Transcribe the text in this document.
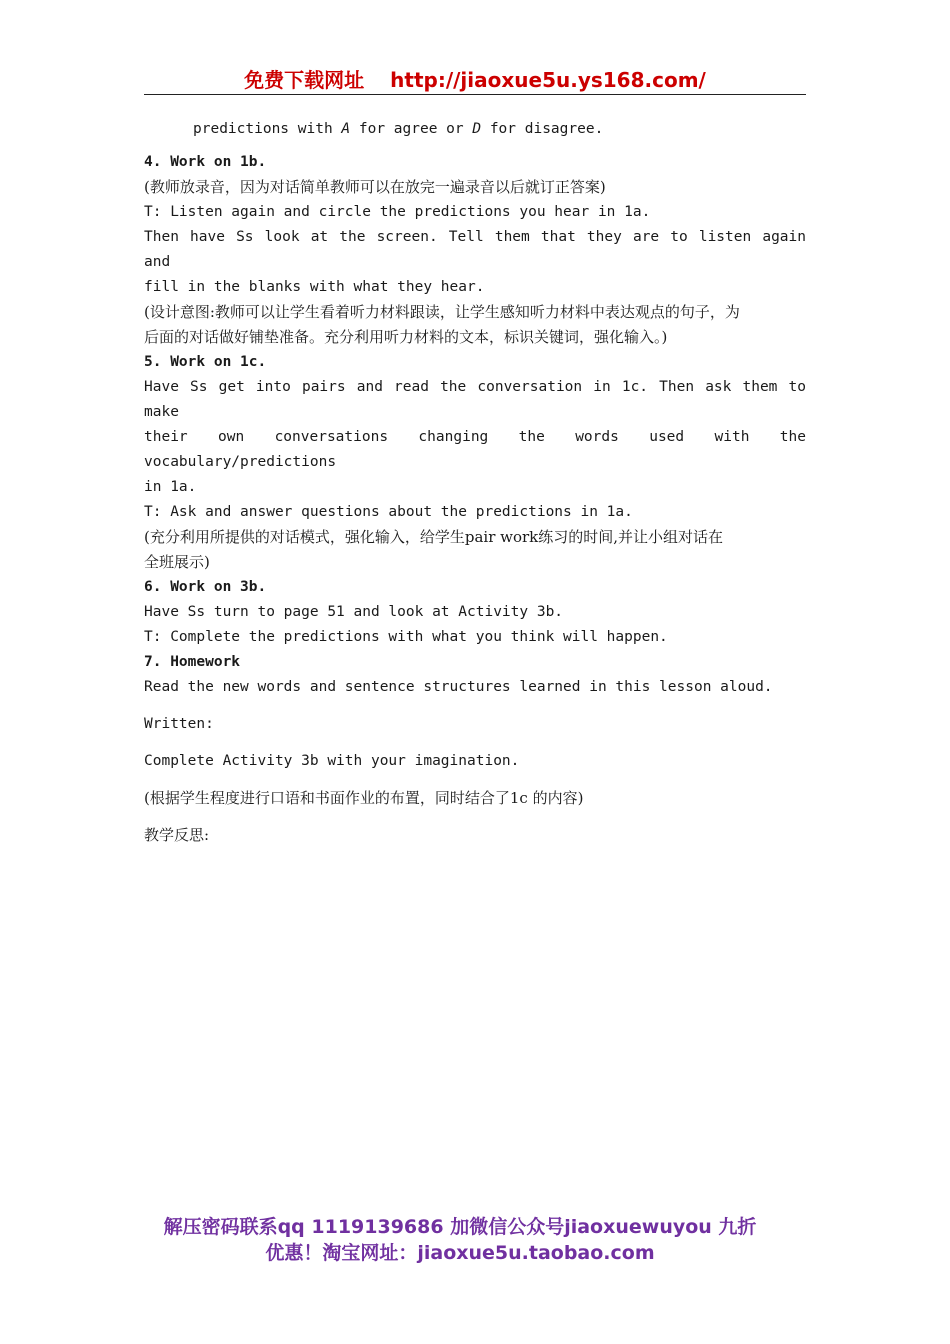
免费下载网址 http://jiaoxue5u.ys168.com/
predictions with A for agree or D for disagree.
4. Work on 1b.
(教师放录音，因为对话简单教师可以在放完一遍录音以后就订正答案)
T: Listen again and circle the predictions you hear in 1a.
Then have Ss look at the screen. Tell them that they are to listen again and
fill in the blanks with what they hear.
(设计意图:教师可以让学生看着听力材料跟读，让学生感知听力材料中表达观点的句子，为
后面的对话做好铺垫准备。充分利用听力材料的文本，标识关键词，强化输入。)
5. Work on 1c.
Have Ss get into pairs and read the conversation in 1c. Then ask them to make
their own conversations changing the words used with the vocabulary/predictions
in 1a.
T: Ask and answer questions about the predictions in 1a.
(充分利用所提供的对话模式，强化输入，给学生pair work练习的时间,并让小组对话在
全班展示)
6. Work on 3b.
Have Ss turn to page 51 and look at Activity 3b.
T: Complete the predictions with what you think will happen.
7. Homework
Read the new words and sentence structures learned in this lesson aloud.
Written:
Complete Activity 3b with your imagination.
(根据学生程度进行口语和书面作业的布置，同时结合了1c 的内容)
教学反思:
解压密码联系qq 1119139686 加微信公众号jiaoxuewuyou 九折
优惠！淘宝网址：jiaoxue5u.taobao.com
